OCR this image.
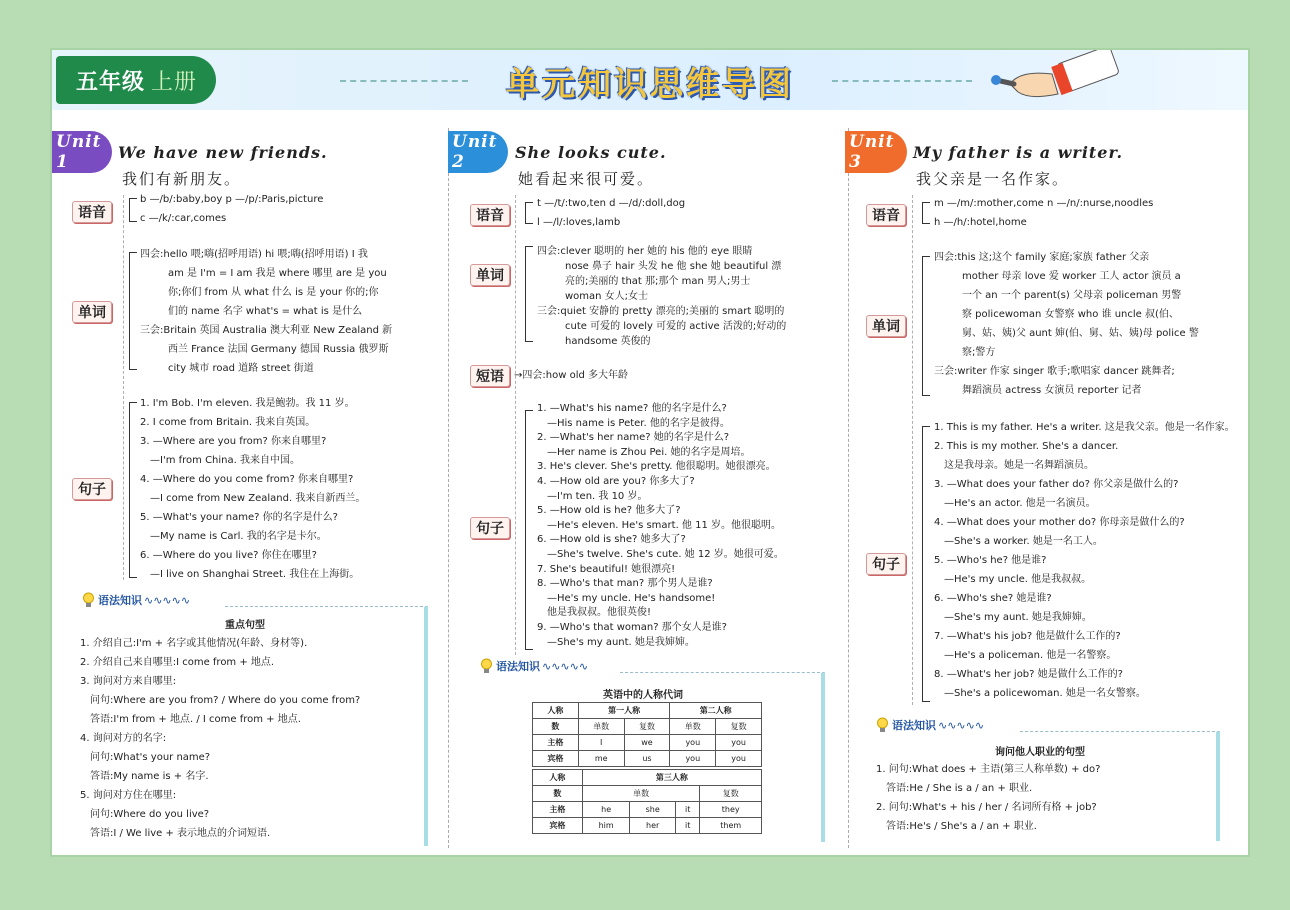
五年级 上册	单元知识思维导图
Unit 1	We have new friends.
我们有新朋友。
语音
b —/b/:baby,boy p —/p/:Paris,picture
c —/k/:car,comes
单词
四会:hello 喂;嗨(招呼用语) hi 喂;嗨(招呼用语) I 我
am 是 I'm = I am 我是 where 哪里 are 是 you
你;你们 from 从 what 什么 is 是 your 你的;你
们的 name 名字 what's = what is 是什么
三会:Britain 英国 Australia 澳大利亚 New Zealand 新
西兰 France 法国 Germany 德国 Russia 俄罗斯
city 城市 road 道路 street 街道
句子
1. I'm Bob. I'm eleven. 我是鲍勃。我 11 岁。
2. I come from Britain. 我来自英国。
3. —Where are you from? 你来自哪里?
—I'm from China. 我来自中国。
4. —Where do you come from? 你来自哪里?
—I come from New Zealand. 我来自新西兰。
5. —What's your name? 你的名字是什么?
—My name is Carl. 我的名字是卡尔。
6. —Where do you live? 你住在哪里?
—I live on Shanghai Street. 我住在上海街。
语法知识 ∿∿∿∿∿
重点句型
1. 介绍自己:I'm + 名字或其他情况(年龄、身材等).
2. 介绍自己来自哪里:I come from + 地点.
3. 询问对方来自哪里:
问句:Where are you from? / Where do you come from?
答语:I'm from + 地点. / I come from + 地点.
4. 询问对方的名字:
问句:What's your name?
答语:My name is + 名字.
5. 询问对方住在哪里:
问句:Where do you live?
答语:I / We live + 表示地点的介词短语.
Unit 2	She looks cute.
她看起来很可爱。
语音
t —/t/:two,ten d —/d/:doll,dog
l —/l/:loves,lamb
单词
四会:clever 聪明的 her 她的 his 他的 eye 眼睛
nose 鼻子 hair 头发 he 他 she 她 beautiful 漂
亮的;美丽的 that 那;那个 man 男人;男士
woman 女人;女士
三会:quiet 安静的 pretty 漂亮的;美丽的 smart 聪明的
cute 可爱的 lovely 可爱的 active 活泼的;好动的
handsome 英俊的
短语	→四会:how old 多大年龄
句子
1. —What's his name? 他的名字是什么?
—His name is Peter. 他的名字是彼得。
2. —What's her name? 她的名字是什么?
—Her name is Zhou Pei. 她的名字是周培。
3. He's clever. She's pretty. 他很聪明。她很漂亮。
4. —How old are you? 你多大了?
—I'm ten. 我 10 岁。
5. —How old is he? 他多大了?
—He's eleven. He's smart. 他 11 岁。他很聪明。
6. —How old is she? 她多大了?
—She's twelve. She's cute. 她 12 岁。她很可爱。
7. She's beautiful! 她很漂亮!
8. —Who's that man? 那个男人是谁?
—He's my uncle. He's handsome!
他是我叔叔。他很英俊!
9. —Who's that woman? 那个女人是谁?
—She's my aunt. 她是我婶婶。
语法知识 ∿∿∿∿∿
英语中的人称代词
人称	第一人称		第二人称	
数	单数	复数	单数	复数
主格	I	we	you	you
宾格	me	us	you	you
人称	第三人称			
数	单数			复数
主格	he	she	it	they
宾格	him	her	it	them
Unit 3	My father is a writer.
我父亲是一名作家。
语音
m —/m/:mother,come n —/n/:nurse,noodles
h —/h/:hotel,home
单词
四会:this 这;这个 family 家庭;家族 father 父亲
mother 母亲 love 爱 worker 工人 actor 演员 a
一个 an 一个 parent(s) 父母亲 policeman 男警
察 policewoman 女警察 who 谁 uncle 叔(伯、
舅、姑、姨)父 aunt 婶(伯、舅、姑、姨)母 police 警
察;警方
三会:writer 作家 singer 歌手;歌唱家 dancer 跳舞者;
舞蹈演员 actress 女演员 reporter 记者
句子
1. This is my father. He's a writer. 这是我父亲。他是一名作家。
2. This is my mother. She's a dancer.
这是我母亲。她是一名舞蹈演员。
3. —What does your father do? 你父亲是做什么的?
—He's an actor. 他是一名演员。
4. —What does your mother do? 你母亲是做什么的?
—She's a worker. 她是一名工人。
5. —Who's he? 他是谁?
—He's my uncle. 他是我叔叔。
6. —Who's she? 她是谁?
—She's my aunt. 她是我婶婶。
7. —What's his job? 他是做什么工作的?
—He's a policeman. 他是一名警察。
8. —What's her job? 她是做什么工作的?
—She's a policewoman. 她是一名女警察。
语法知识 ∿∿∿∿∿
询问他人职业的句型
1. 问句:What does + 主语(第三人称单数) + do?
答语:He / She is a / an + 职业.
2. 问句:What's + his / her / 名词所有格 + job?
答语:He's / She's a / an + 职业.
